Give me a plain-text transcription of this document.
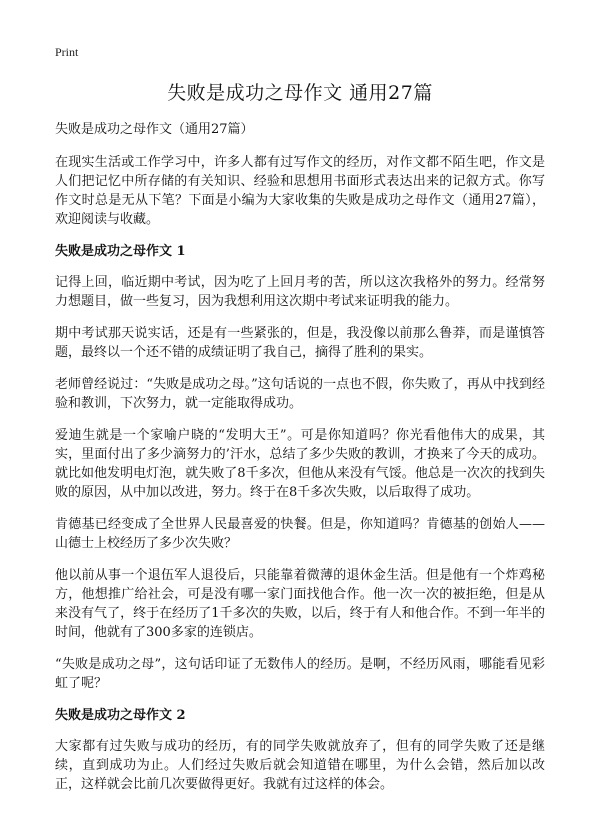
Print
失败是成功之母作文 通用27篇
失败是成功之母作文（通用27篇）

在现实生活或工作学习中，许多人都有过写作文的经历，对作文都不陌生吧，作文是人们把记忆中所存储的有关知识、经验和思想用书面形式表达出来的记叙方式。你写作文时总是无从下笔？下面是小编为大家收集的失败是成功之母作文（通用27篇），欢迎阅读与收藏。

失败是成功之母作文 1

记得上回，临近期中考试，因为吃了上回月考的苦，所以这次我格外的努力。经常努力想题目，做一些复习，因为我想利用这次期中考试来证明我的能力。

期中考试那天说实话，还是有一些紧张的，但是，我没像以前那么鲁莽，而是谨慎答题，最终以一个还不错的成绩证明了我自己，摘得了胜利的果实。

老师曾经说过：“失败是成功之母。”这句话说的一点也不假，你失败了，再从中找到经验和教训，下次努力，就一定能取得成功。

爱迪生就是一个家喻户晓的“发明大王”。可是你知道吗？你光看他伟大的成果，其实，里面付出了多少滴努力的’汗水，总结了多少失败的教训，才换来了今天的成功。就比如他发明电灯泡，就失败了8千多次，但他从来没有气馁。他总是一次次的找到失败的原因，从中加以改进，努力。终于在8千多次失败，以后取得了成功。

肯德基已经变成了全世界人民最喜爱的快餐。但是，你知道吗？肯德基的创始人——山德士上校经历了多少次失败？

他以前从事一个退伍军人退役后，只能靠着微薄的退休金生活。但是他有一个炸鸡秘方，他想推广给社会，可是没有哪一家门面找他合作。他一次一次的被拒绝，但是从来没有气了，终于在经历了1千多次的失败，以后，终于有人和他合作。不到一年半的时间，他就有了300多家的连锁店。

“失败是成功之母”，这句话印证了无数伟人的经历。是啊，不经历风雨，哪能看见彩虹了呢？

失败是成功之母作文 2

大家都有过失败与成功的经历，有的同学失败就放弃了，但有的同学失败了还是继续，直到成功为止。人们经过失败后就会知道错在哪里，为什么会错，然后加以改正，这样就会比前几次要做得更好。我就有过这样的体会。
